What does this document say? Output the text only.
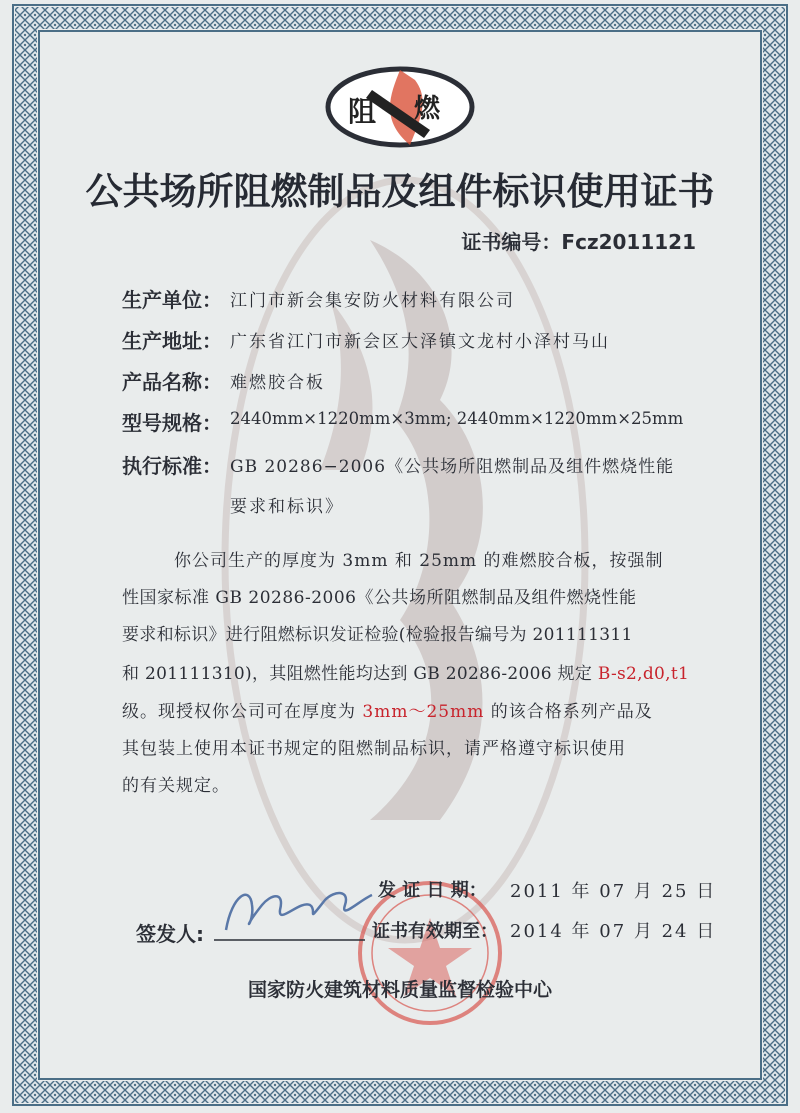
阻 燃
公共场所阻燃制品及组件标识使用证书
证书编号：Fcz2011121
生产单位： 江门市新会集安防火材料有限公司
生产地址： 广东省江门市新会区大泽镇文龙村小泽村马山
产品名称： 难燃胶合板
型号规格： 2440mm×1220mm×3mm; 2440mm×1220mm×25mm
执行标准： GB 20286−2006《公共场所阻燃制品及组件燃烧性能
要求和标识》
你公司生产的厚度为 3mm 和 25mm 的难燃胶合板，按强制
性国家标准 GB 20286-2006《公共场所阻燃制品及组件燃烧性能
要求和标识》进行阻燃标识发证检验(检验报告编号为 201111311
和 201111310)，其阻燃性能均达到 GB 20286-2006 规定 B-s2,d0,t1
级。现授权你公司可在厚度为 3mm～25mm 的该合格系列产品及
其包装上使用本证书规定的阻燃制品标识，请严格遵守标识使用
的有关规定。
发 证 日 期： 2011 年 07 月 25 日
签发人:	证书有效期至： 2014 年 07 月 24 日
国家防火建筑材料质量监督检验中心
